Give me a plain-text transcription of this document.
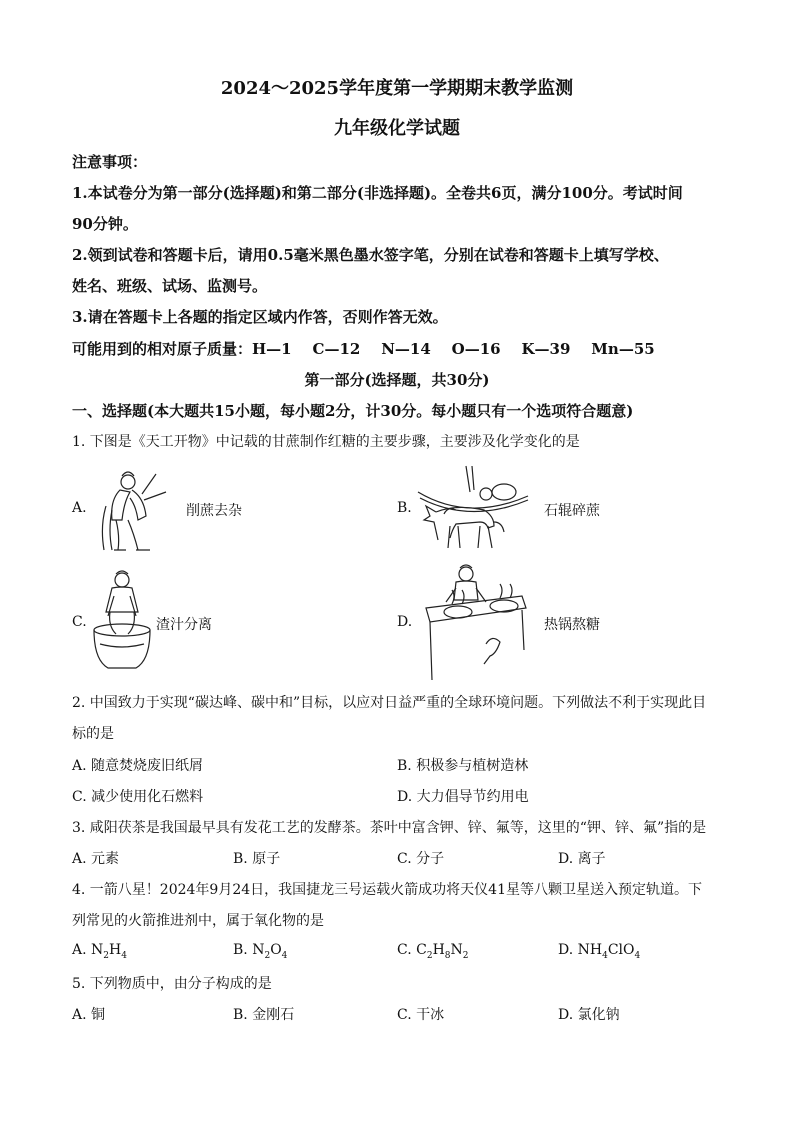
2024～2025学年度第一学期期末教学监测
九年级化学试题
注意事项：
1.本试卷分为第一部分(选择题)和第二部分(非选择题)。全卷共6页，满分100分。考试时间
90分钟。
2.领到试卷和答题卡后，请用0.5毫米黑色墨水签字笔，分别在试卷和答题卡上填写学校、
姓名、班级、试场、监测号。
3.请在答题卡上各题的指定区域内作答，否则作答无效。
可能用到的相对原子质量：H—1    C—12    N—14    O—16    K—39    Mn—55
第一部分(选择题，共30分)
一、选择题(本大题共15小题，每小题2分，计30分。每小题只有一个选项符合题意)
1. 下图是《天工开物》中记载的甘蔗制作红糖的主要步骤，主要涉及化学变化的是
A.	削蔗去杂	B.	石辊碎蔗
C.	渣汁分离	D.	热锅熬糖
2. 中国致力于实现“碳达峰、碳中和”目标，以应对日益严重的全球环境问题。下列做法不利于实现此目
标的是
A. 随意焚烧废旧纸屑	B. 积极参与植树造林
C. 减少使用化石燃料	D. 大力倡导节约用电
3. 咸阳茯茶是我国最早具有发花工艺的发酵茶。茶叶中富含钾、锌、氟等，这里的“钾、锌、氟”指的是
A. 元素	B. 原子	C. 分子	D. 离子
4. 一箭八星！2024年9月24日，我国捷龙三号运载火箭成功将天仪41星等八颗卫星送入预定轨道。下
列常见的火箭推进剂中，属于氧化物的是
A. $N_2H_4$	B. $N_2O_4$	C. $C_2H_8N_2$	D. $NH_4ClO_4$
5. 下列物质中，由分子构成的是
A. 铜	B. 金刚石	C. 干冰	D. 氯化钠
